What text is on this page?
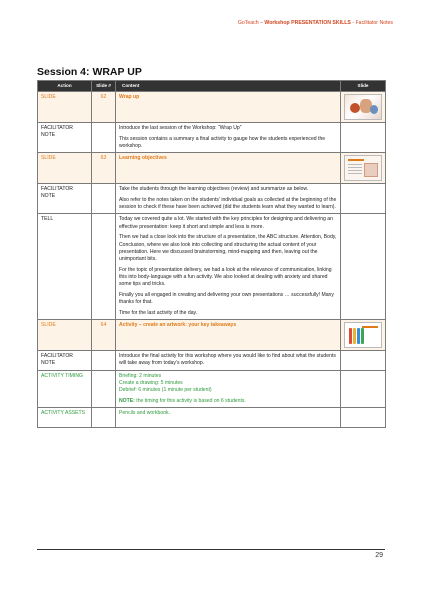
GoTeach – Workshop PRESENTATION SKILLS - Facilitator Notes
Session 4: WRAP UP
Action	Slide #	Content	Slide
SLIDE	62	Wrap up	

FACILITATOR NOTE		Introduce the last session of the Workshop: “Wrap Up”

This session contains a summary a final activity to gauge how the students experienced the workshop.	

SLIDE	63	Learning objectives	

FACILITATOR NOTE		Take the students through the learning objectives (review) and summarize as below.

Also refer to the notes taken on the students’ individual goals as collected at the beginning of the session to check if these have been achieved (did the students learn what they wanted to learn).	

TELL		Today we covered quite a lot. We started with the key principles for designing and delivering an effective presentation: keep it short and simple and less is more.

Then we had a close look into the structure of a presentation, the ABC structure. Attention, Body, Conclusion, where we also look into collecting and structuring the actual content of your presentation. Here we discussed brainstorming, mind-mapping and then, leaving out the unimportant bits.

For the topic of presentation delivery, we had a look at the relevance of communication, linking this into body-language with a fun activity. We also looked at dealing with anxiety and shared some tips and tricks.

Finally you all engaged in creating and delivering your own presentations … successfully! Many thanks for that.

Time for the last activity of the day.	

SLIDE	64	Activity – create an artwork: your key takeaways	

FACILITATOR NOTE		Introduce the final activity for this workshop where you would like to find about what the students will take away from today’s workshop.	

ACTIVITY TIMING		Briefing: 2 minutes

Create a drawing: 5 minutes

Debrief: 6 minutes (1 minute per student)

NOTE: the timing for this activity is based on 6 students.	

ACTIVITY ASSETS		Pencils and workbook.	

29
